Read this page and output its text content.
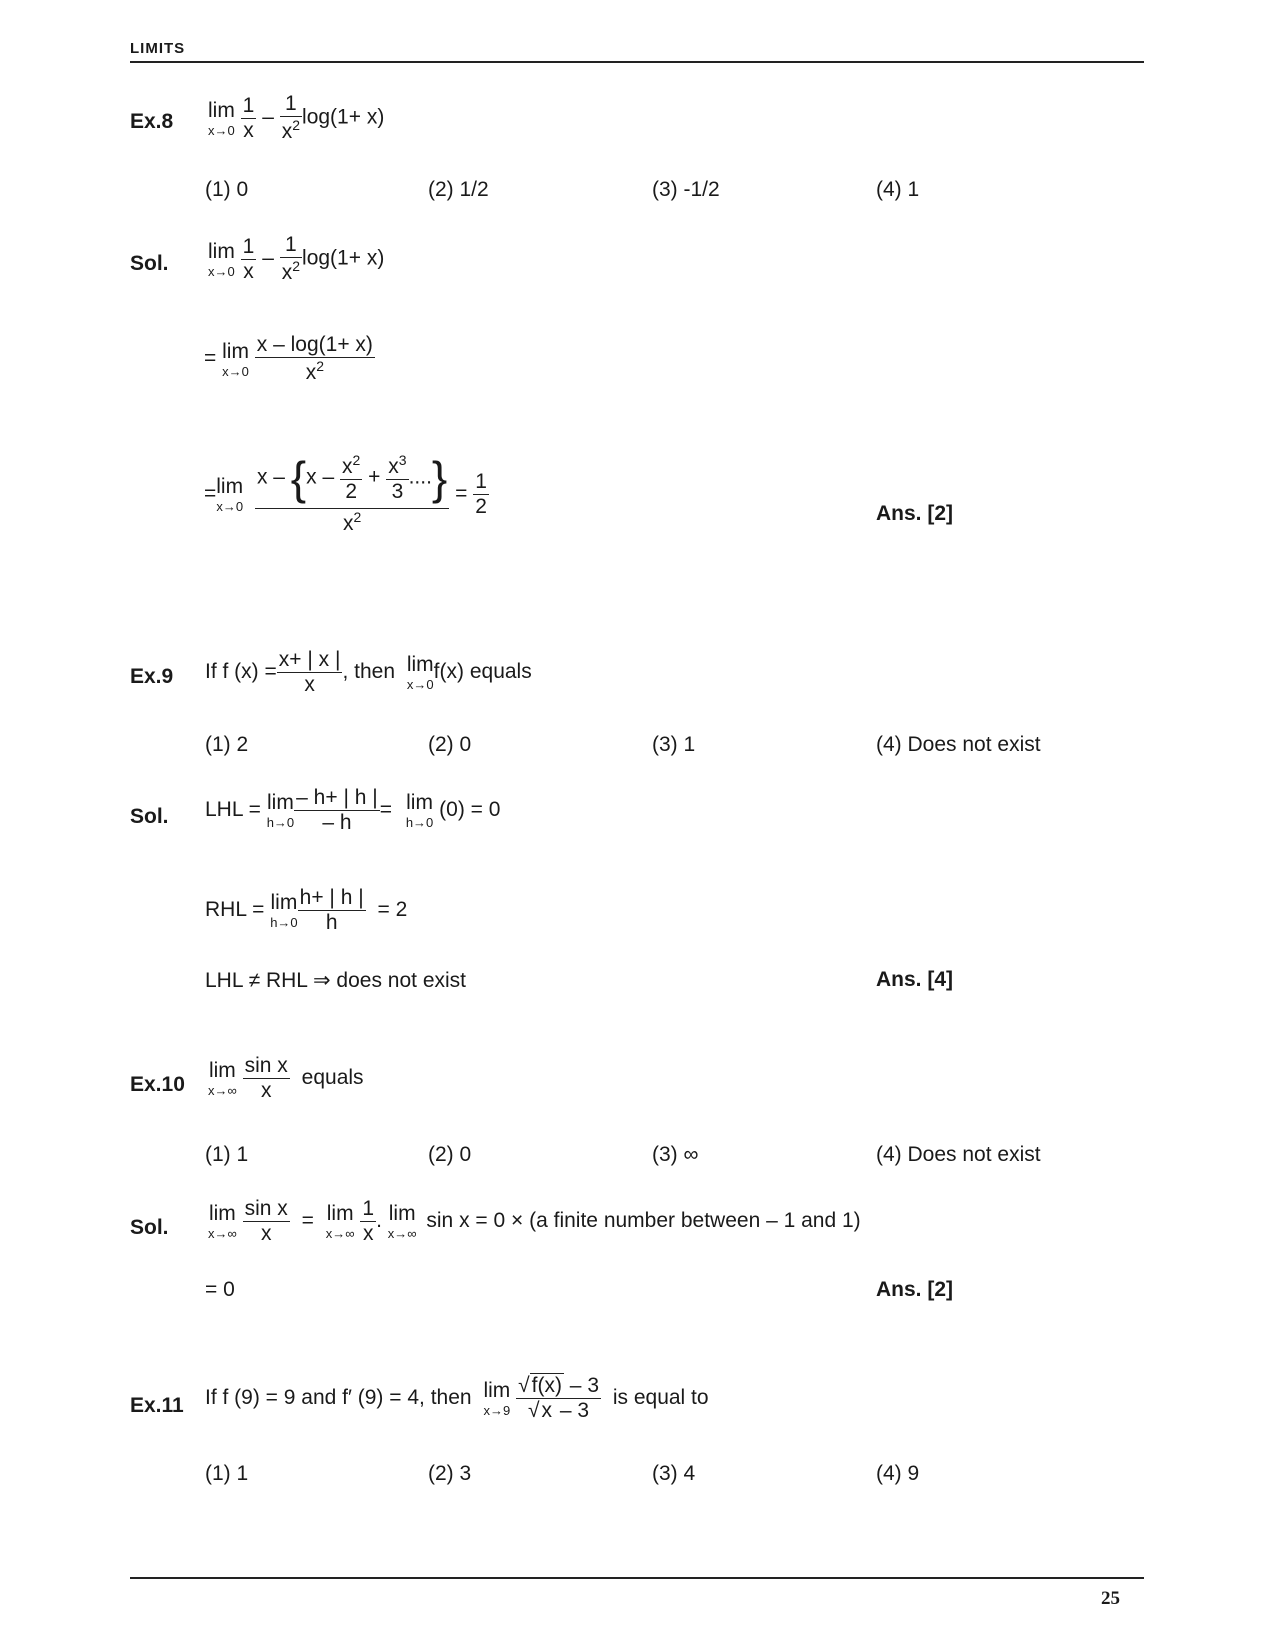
LIMITS
Ex.8 lim
x→0
$\frac{1}{x} - \frac{1}{x^2} \log(1+ x)$
(1) 0	(2) 1/2	(3) -1/2	(4) 1
Sol.
lim
x→0
$\frac{1}{x} - \frac{1}{x^2} \log(1+ x)$
= lim
x→0
$\frac{x - \log(1+ x)}{x^2}$
= lim
x→0
$\frac{x - \{x - \frac{x^2}{2} + \frac{x^3}{3} ....\}}{x^2} = \frac{1}{2}$	Ans. [2]
Ex.9 If f $(x) = \frac{x+ | x |}{x}$ , then lim
x→0
f(x) equals
(1) 2	(2) 0	(3) 1	(4) Does not exist
Sol. LHL = lim
$h\to 0 \frac{- h+ | h |}{- h} = \lim$
h→0
(0) = 0
RHL = lim
$h\to 0 \frac{h+ | h |}{h} = 2$
LHL ≠ RHL ⇒ does not exist	Ans. [4]
Ex.10
lim
x→∞
$\frac{\text{sin x}}{x}$ equals
(1) 1	(2) 0	(3) ∞	(4) Does not exist
Sol.
lim
x→∞
$\frac{\text{sin x}}{x} = \lim$
x→∞
$\frac{1}{x}$ . lim
x→∞
sin x = 0 × (a finite number between – 1 and 1)
= 0	Ans. [2]
Ex.11 If f (9) = 9 and f′ (9) = 4, then lim
x→9
$\frac{√f(x) - 3}{√x - 3}$ is equal to
(1) 1	(2) 3	(3) 4	(4) 9
25
